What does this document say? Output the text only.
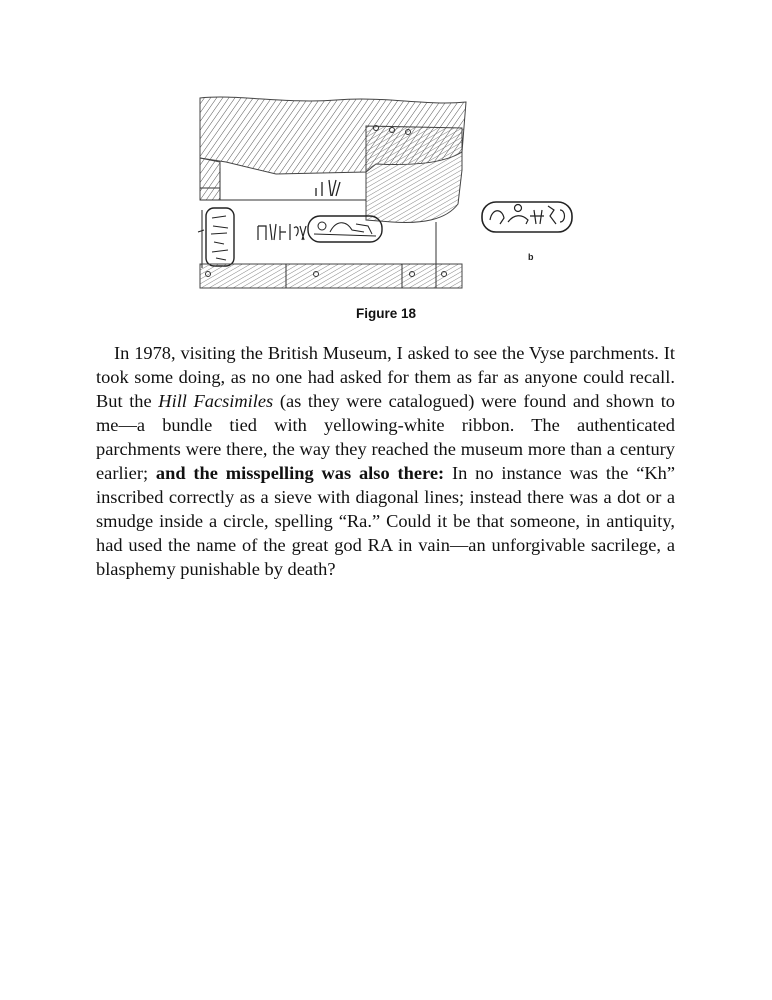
b
Figure 18

In 1978, visiting the British Museum, I asked to see the Vyse parchments. It took some doing, as no one had asked for them as far as anyone could recall. But the Hill Facsimiles (as they were catalogued) were found and shown to me—a bundle tied with yellowing-white ribbon. The authenticated parchments were there, the way they reached the museum more than a century earlier; and the misspelling was also there: In no instance was the “Kh” inscribed correctly as a sieve with diagonal lines; instead there was a dot or a smudge inside a circle, spelling “Ra.” Could it be that someone, in antiquity, had used the name of the great god RA in vain—an unforgivable sacrilege, a blasphemy punishable by death?
